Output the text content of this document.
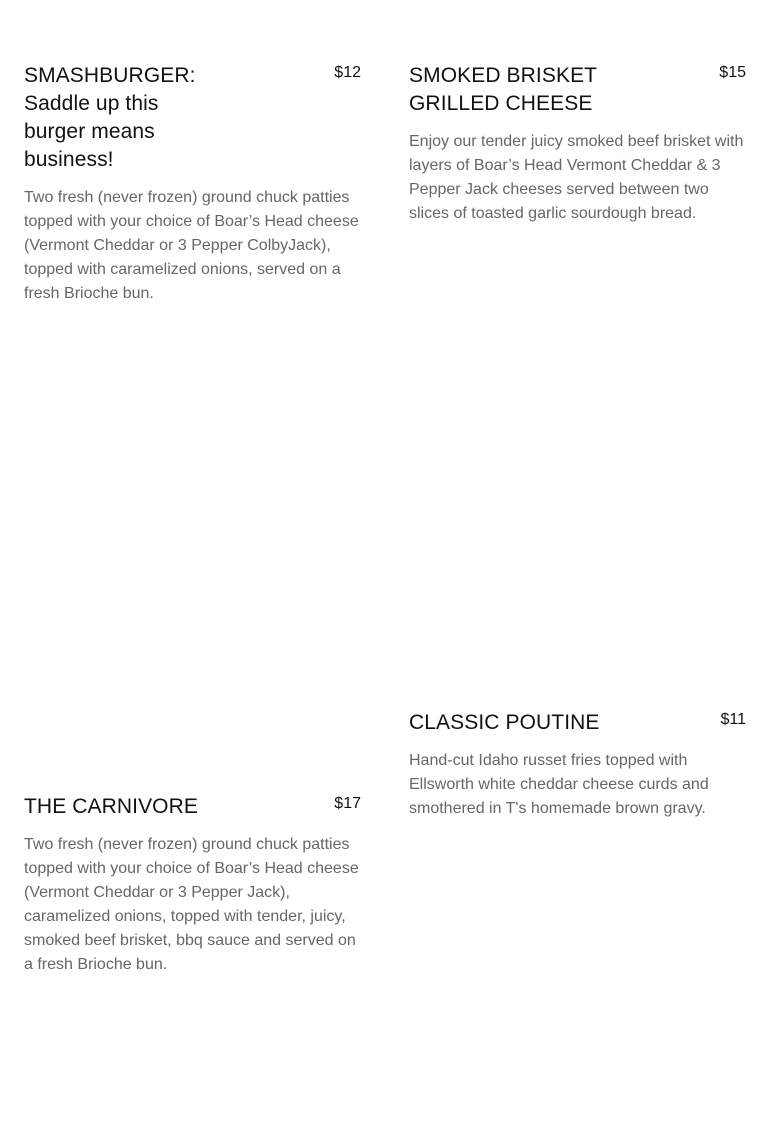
SMASHBURGER: Saddle up this burger means business!
$12

Two fresh (never frozen) ground chuck patties topped with your choice of Boar’s Head cheese (Vermont Cheddar or 3 Pepper ColbyJack), topped with caramelized onions, served on a fresh Brioche bun.

SMOKED BRISKET GRILLED CHEESE
$15

Enjoy our tender juicy smoked beef brisket with layers of Boar’s Head Vermont Cheddar & 3 Pepper Jack cheeses served between two slices of toasted garlic sourdough bread.

CLASSIC POUTINE	$11

Hand-cut Idaho russet fries topped with Ellsworth white cheddar cheese curds and smothered in T's homemade brown gravy.

THE CARNIVORE	$17

Two fresh (never frozen) ground chuck patties topped with your choice of Boar’s Head cheese (Vermont Cheddar or 3 Pepper Jack), caramelized onions, topped with tender, juicy, smoked beef brisket, bbq sauce and served on a fresh Brioche bun.
